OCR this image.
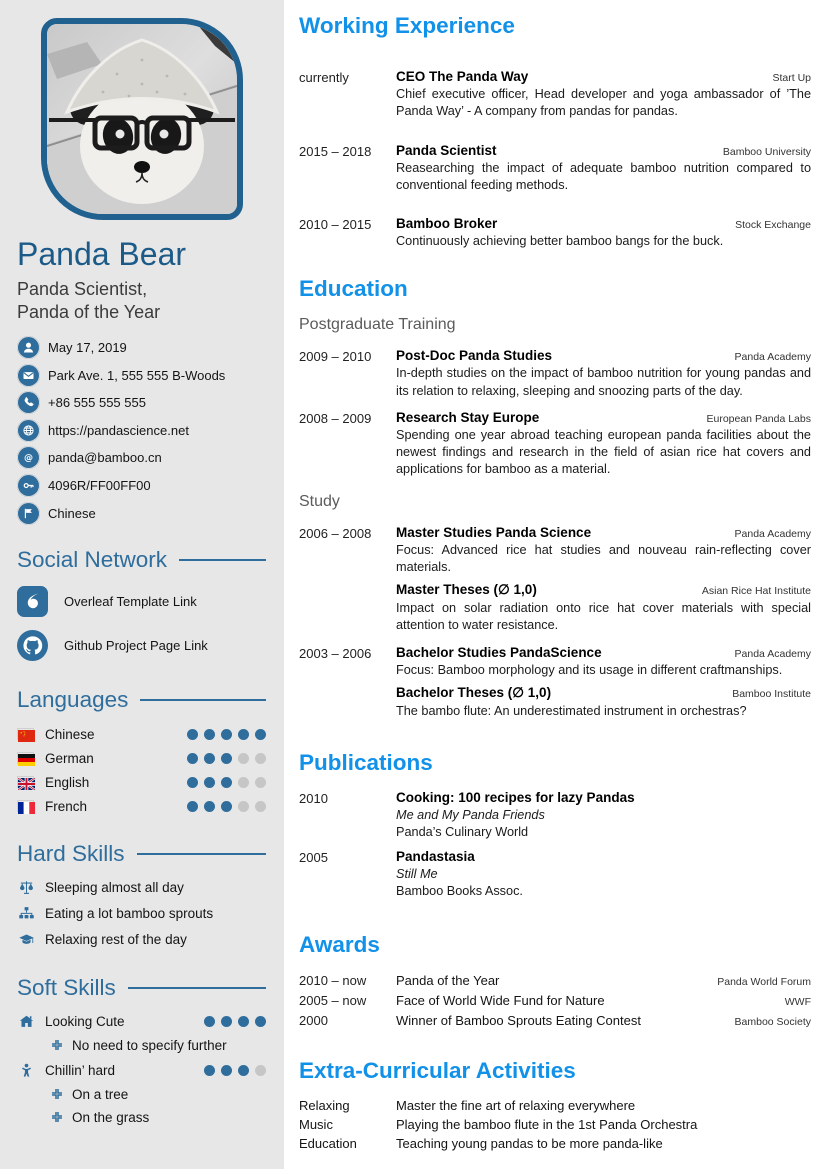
Panda Bear
Panda Scientist,
Panda of the Year
May 17, 2019
Park Ave. 1, 555 555 B-Woods
+86 555 555 555
https://pandascience.net
@ panda@bamboo.cn
4096R/FF00FF00
Chinese
Social Network
Overleaf Template Link
Github Project Page Link
Languages
Chinese
German
English
French
Hard Skills
Sleeping almost all day
Eating a lot bamboo sprouts
Relaxing rest of the day
Soft Skills
Looking Cute
No need to specify further
Chillin’ hard
On a tree
On the grass
Working Experience
currently	CEO The Panda Way	Start Up
Chief executive officer, Head developer and yoga ambassador of ’The Panda Way’ - A company from pandas for pandas.
2015 – 2018	Panda Scientist	Bamboo University
Reasearching the impact of adequate bamboo nutrition compared to conventional feeding methods.
2010 – 2015	Bamboo Broker	Stock Exchange
Continuously achieving better bamboo bangs for the buck.
Education
Postgraduate Training
2009 – 2010	Post-Doc Panda Studies	Panda Academy
In-depth studies on the impact of bamboo nutrition for young pandas and its relation to relaxing, sleeping and snoozing parts of the day.
2008 – 2009	Research Stay Europe	European Panda Labs
Spending one year abroad teaching european panda facilities about the newest findings and research in the field of asian rice hat covers and applications for bamboo as a material.
Study
2006 – 2008	Master Studies Panda Science	Panda Academy
Focus: Advanced rice hat studies and nouveau rain-reflecting cover materials.
Master Theses (∅ 1,0)	Asian Rice Hat Institute
Impact on solar radiation onto rice hat cover materials with special attention to water resistance.
2003 – 2006	Bachelor Studies PandaScience	Panda Academy
Focus: Bamboo morphology and its usage in different craftmanships.
Bachelor Theses (∅ 1,0)	Bamboo Institute
The bambo flute: An underestimated instrument in orchestras?
Publications
2010	Cooking: 100 recipes for lazy Pandas
Me and My Panda Friends
Panda’s Culinary World
2005	Pandastasia
Still Me
Bamboo Books Assoc.
Awards
2010 – now	Panda of the Year	Panda World Forum
2005 – now	Face of World Wide Fund for Nature	WWF
2000	Winner of Bamboo Sprouts Eating Contest	Bamboo Society
Extra-Curricular Activities
Relaxing	Master the fine art of relaxing everywhere
Music	Playing the bamboo flute in the 1st Panda Orchestra
Education	Teaching young pandas to be more panda-like
